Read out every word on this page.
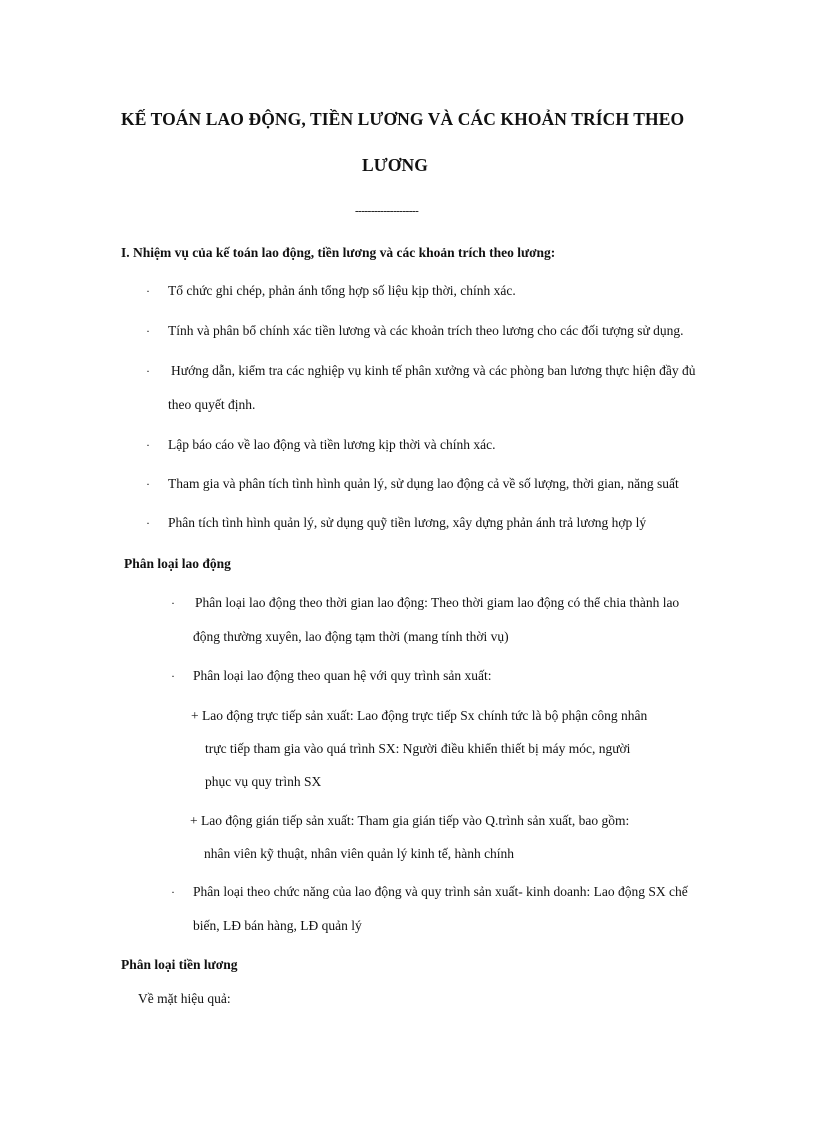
KẾ TOÁN LAO ĐỘNG, TIỀN LƯƠNG VÀ CÁC KHOẢN TRÍCH THEO
LƯƠNG
--------------------
I. Nhiệm vụ của kế toán lao động, tiền lương và các khoản trích theo lương:
· Tổ chức ghi chép, phản ánh tổng hợp số liệu kịp thời, chính xác.
· Tính và phân bổ chính xác tiền lương và các khoản trích theo lương cho các đối tượng sử dụng.
· Hướng dẫn, kiểm tra các nghiệp vụ kinh tế phân xưởng và các phòng ban lương thực hiện đầy đủ
theo quyết định.
· Lập báo cáo về lao động và tiền lương kịp thời và chính xác.
· Tham gia và phân tích tình hình quản lý, sử dụng lao động cả về số lượng, thời gian, năng suất
· Phân tích tình hình quản lý, sử dụng quỹ tiền lương, xây dựng phản ánh trả lương hợp lý
Phân loại lao động
· Phân loại lao động theo thời gian lao động: Theo thời giam lao động có thể chia thành lao
động thường xuyên, lao động tạm thời (mang tính thời vụ)
· Phân loại lao động theo quan hệ với quy trình sản xuất:
+ Lao động trực tiếp sản xuất: Lao động trực tiếp Sx chính tức là bộ phận công nhân
trực tiếp tham gia vào quá trình SX: Người điều khiển thiết bị máy móc, người
phục vụ quy trình SX
+ Lao động gián tiếp sản xuất: Tham gia gián tiếp vào Q.trình sản xuất, bao gồm:
nhân viên kỹ thuật, nhân viên quản lý kinh tế, hành chính
· Phân loại theo chức năng của lao động và quy trình sản xuất- kinh doanh: Lao động SX chế
biến, LĐ bán hàng, LĐ quản lý
Phân loại tiền lương
Về mặt hiệu quả:
